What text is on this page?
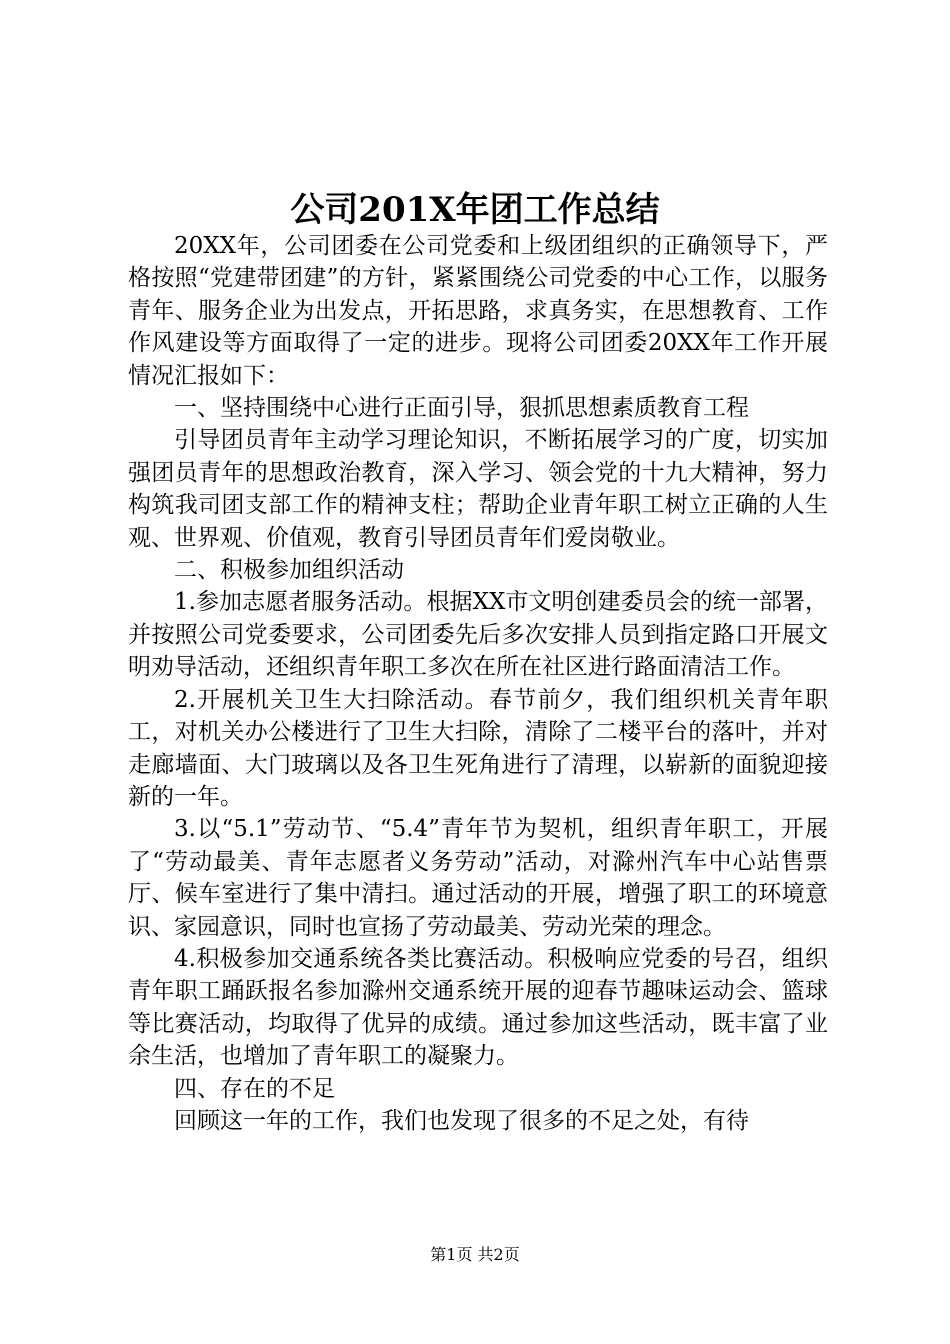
公司201X年团工作总结

20XX年，公司团委在公司党委和上级团组织的正确领导下，严格按照“党建带团建”的方针，紧紧围绕公司党委的中心工作，以服务青年、服务企业为出发点，开拓思路，求真务实，在思想教育、工作作风建设等方面取得了一定的进步。现将公司团委20XX年工作开展情况汇报如下：

一、坚持围绕中心进行正面引导，狠抓思想素质教育工程

引导团员青年主动学习理论知识，不断拓展学习的广度，切实加强团员青年的思想政治教育，深入学习、领会党的十九大精神，努力构筑我司团支部工作的精神支柱；帮助企业青年职工树立正确的人生观、世界观、价值观，教育引导团员青年们爱岗敬业。

二、积极参加组织活动

1.参加志愿者服务活动。根据XX市文明创建委员会的统一部署，并按照公司党委要求，公司团委先后多次安排人员到指定路口开展文明劝导活动，还组织青年职工多次在所在社区进行路面清洁工作。

2.开展机关卫生大扫除活动。春节前夕，我们组织机关青年职工，对机关办公楼进行了卫生大扫除，清除了二楼平台的落叶，并对走廊墙面、大门玻璃以及各卫生死角进行了清理，以崭新的面貌迎接新的一年。

3.以“5.1”劳动节、“5.4”青年节为契机，组织青年职工，开展了“劳动最美、青年志愿者义务劳动”活动，对滁州汽车中心站售票厅、候车室进行了集中清扫。通过活动的开展，增强了职工的环境意识、家园意识，同时也宣扬了劳动最美、劳动光荣的理念。

4.积极参加交通系统各类比赛活动。积极响应党委的号召，组织青年职工踊跃报名参加滁州交通系统开展的迎春节趣味运动会、篮球等比赛活动，均取得了优异的成绩。通过参加这些活动，既丰富了业余生活，也增加了青年职工的凝聚力。

四、存在的不足

回顾这一年的工作，我们也发现了很多的不足之处，有待

第1页 共2页
